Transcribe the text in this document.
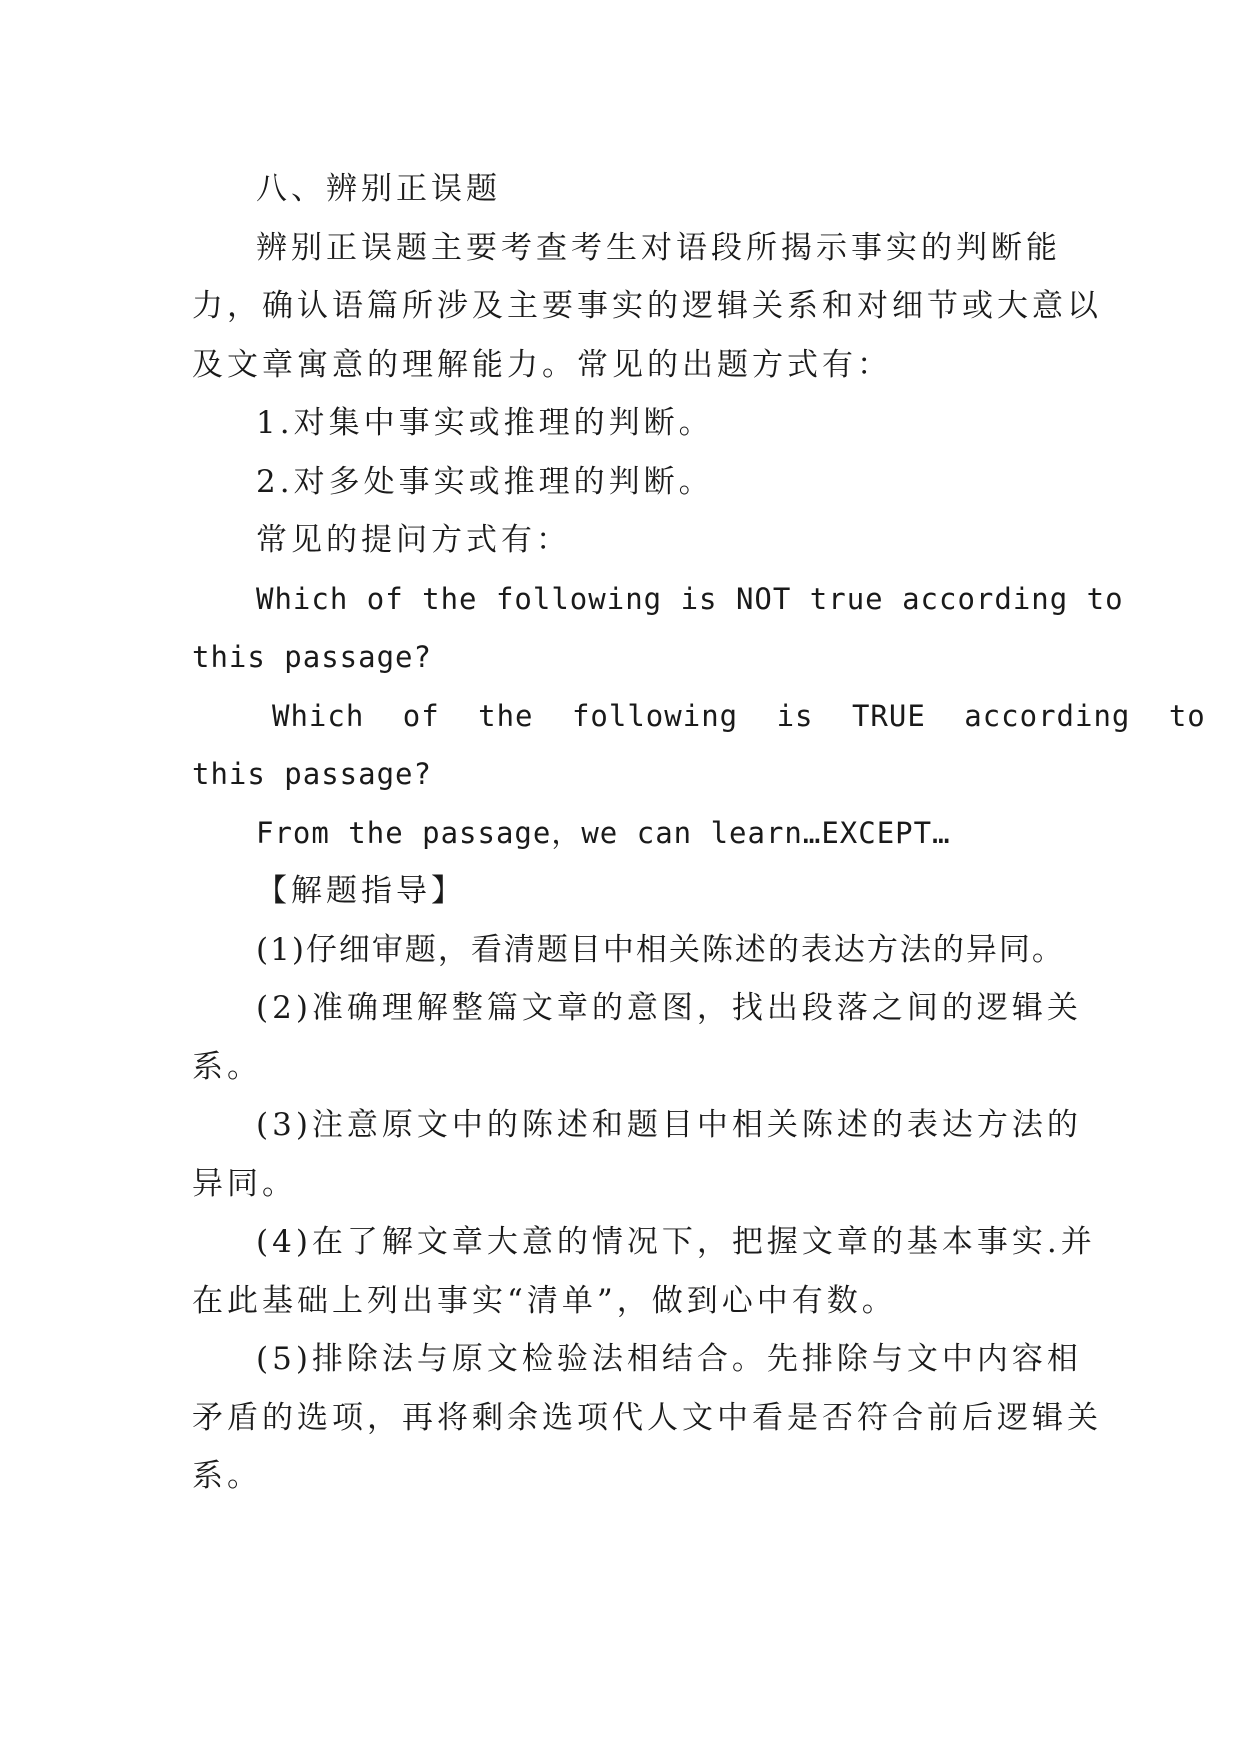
八、辨别正误题
辨别正误题主要考查考生对语段所揭示事实的判断能
力，确认语篇所涉及主要事实的逻辑关系和对细节或大意以
及文章寓意的理解能力。常见的出题方式有：
1.对集中事实或推理的判断。
2.对多处事实或推理的判断。
常见的提问方式有：
Which of the following is NOT true according to
this passage?
Which of the following is TRUE according to
this passage?
From the passage，we can learn…EXCEPT…
【解题指导】
(1)仔细审题，看清题目中相关陈述的表达方法的异同。
(2)准确理解整篇文章的意图，找出段落之间的逻辑关
系。
(3)注意原文中的陈述和题目中相关陈述的表达方法的
异同。
(4)在了解文章大意的情况下，把握文章的基本事实.并
在此基础上列出事实“清单”，做到心中有数。
(5)排除法与原文检验法相结合。先排除与文中内容相
矛盾的选项，再将剩余选项代人文中看是否符合前后逻辑关
系。
